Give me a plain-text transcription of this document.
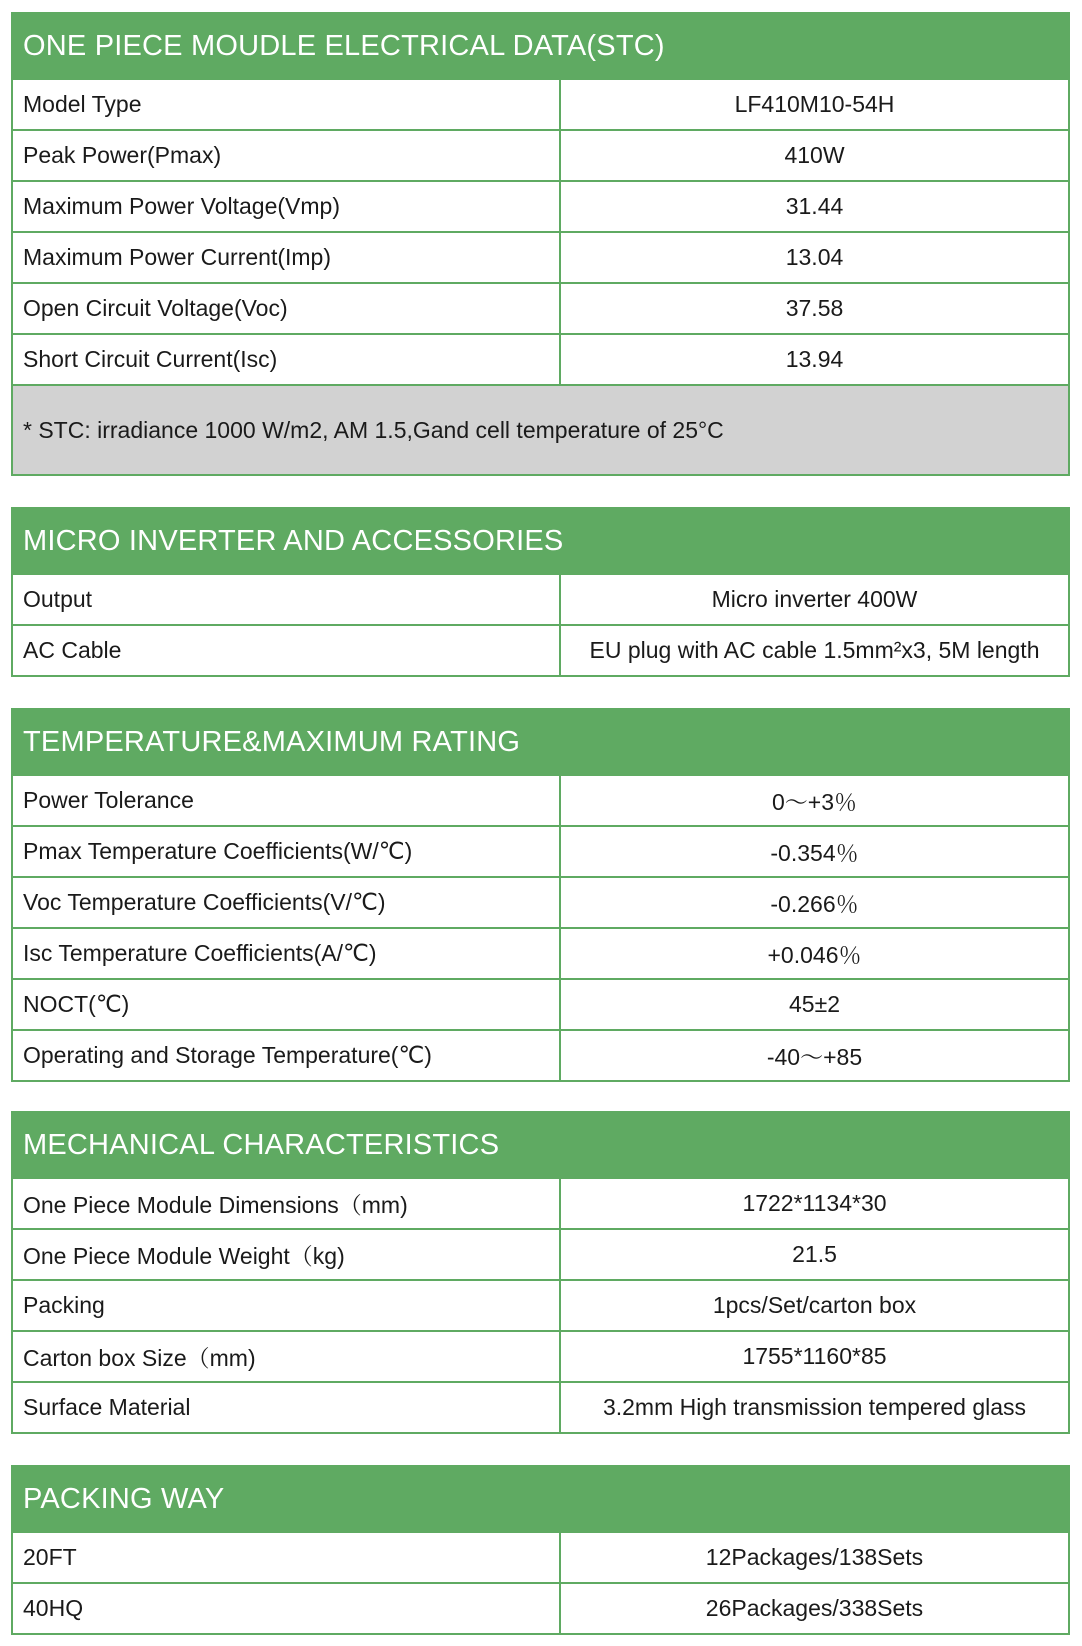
ONE PIECE MOUDLE ELECTRICAL DATA(STC)
Model Type	LF410M10-54H
Peak Power(Pmax)	410W
Maximum Power Voltage(Vmp)	31.44
Maximum Power Current(Imp)	13.04
Open Circuit Voltage(Voc)	37.58
Short Circuit Current(Isc)	13.94
* STC: irradiance 1000 W/m2, AM 1.5,Gand cell temperature of 25°C
MICRO INVERTER AND ACCESSORIES
Output	Micro inverter 400W
AC Cable	EU plug with AC cable 1.5mm²x3, 5M length
TEMPERATURE&MAXIMUM RATING
Power Tolerance	0～+3％
Pmax Temperature Coefficients(W/℃)	-0.354％
Voc Temperature Coefficients(V/℃)	-0.266％
Isc Temperature Coefficients(A/℃)	+0.046％
NOCT(℃)	45±2
Operating and Storage Temperature(℃)	-40～+85
MECHANICAL CHARACTERISTICS
One Piece Module Dimensions（mm)	1722*1134*30
One Piece Module Weight（kg)	21.5
Packing	1pcs/Set/carton box
Carton box Size（mm)	1755*1160*85
Surface Material	3.2mm High transmission tempered glass
PACKING WAY
20FT	12Packages/138Sets
40HQ	26Packages/338Sets
